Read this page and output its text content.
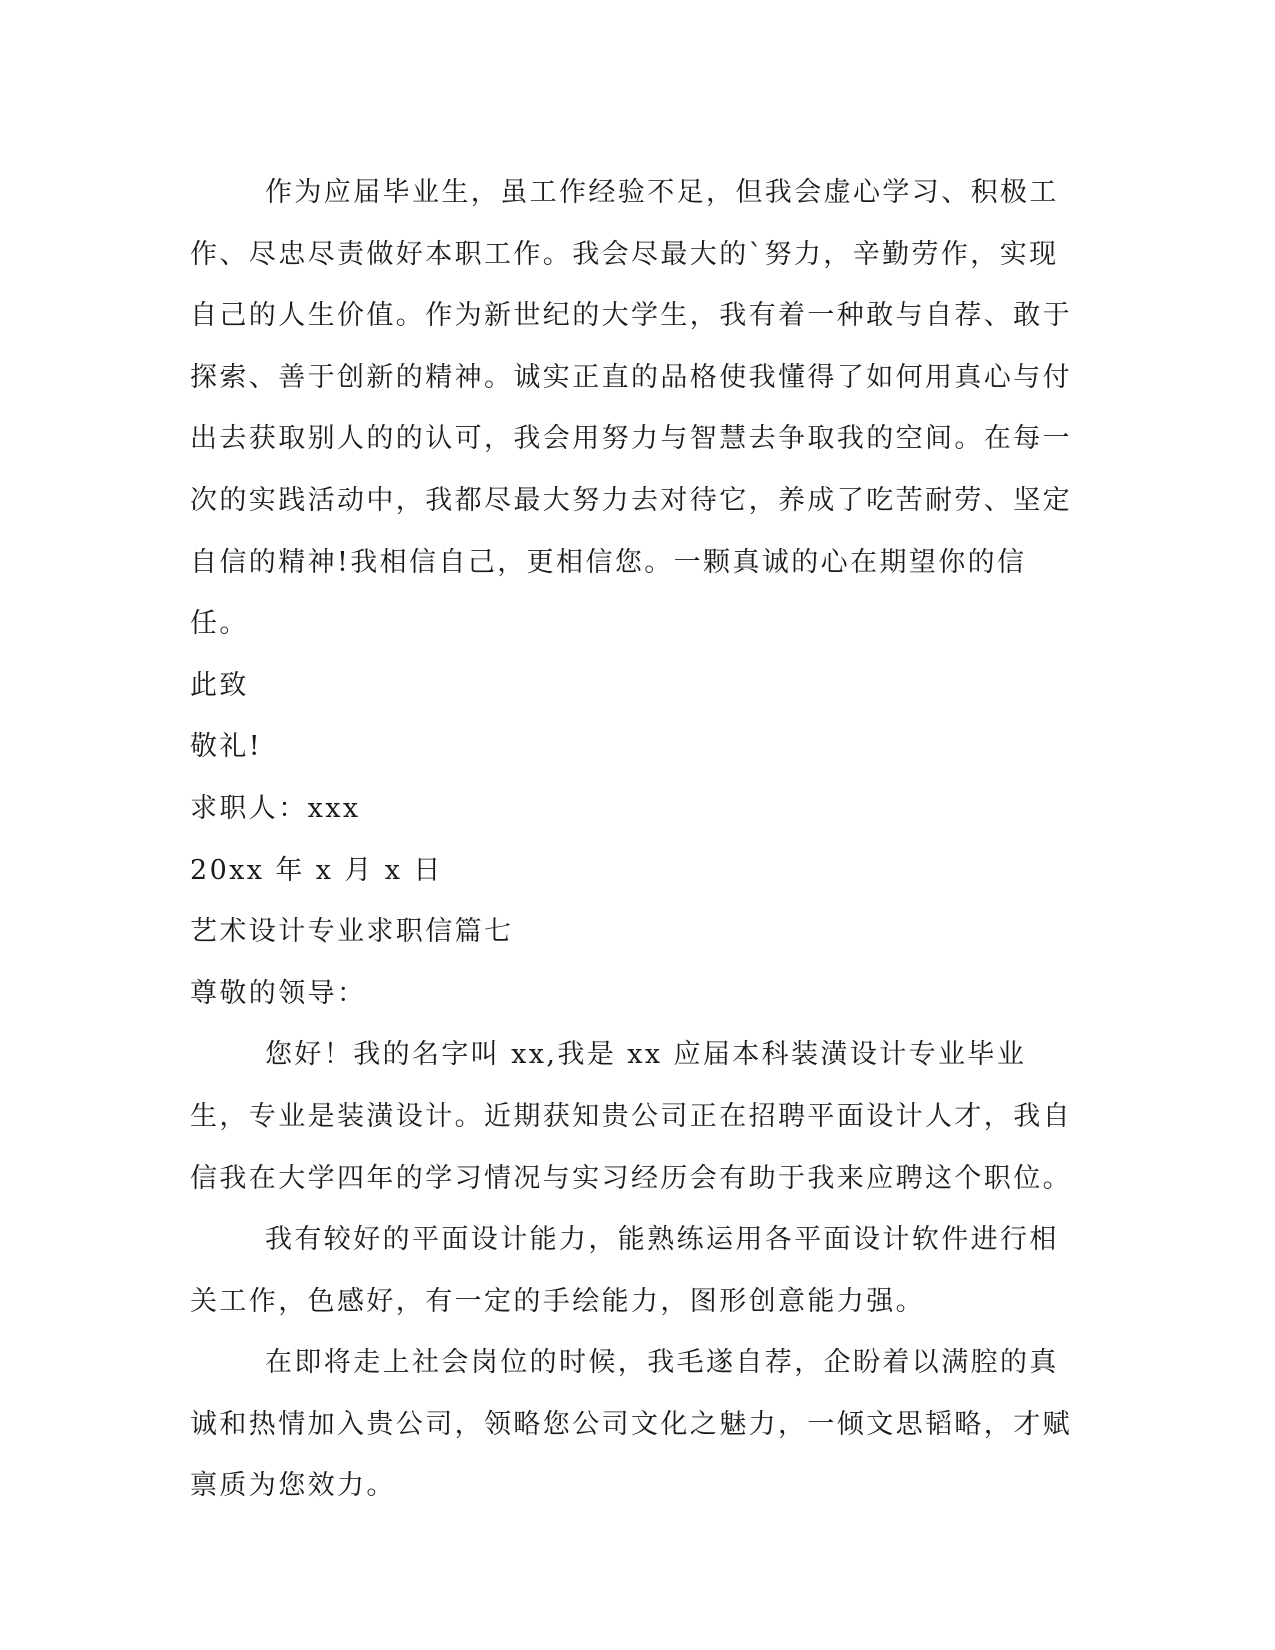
作为应届毕业生，虽工作经验不足，但我会虚心学习、积极工作、尽忠尽责做好本职工作。我会尽最大的`努力，辛勤劳作，实现自己的人生价值。作为新世纪的大学生，我有着一种敢与自荐、敢于探索、善于创新的精神。诚实正直的品格使我懂得了如何用真心与付出去获取别人的的认可，我会用努力与智慧去争取我的空间。在每一次的实践活动中，我都尽最大努力去对待它，养成了吃苦耐劳、坚定自信的精神!我相信自己，更相信您。一颗真诚的心在期望你的信任。

此致

敬礼!

求职人：xxx

20xx 年 x 月 x 日

艺术设计专业求职信篇七

尊敬的领导：

您好！我的名字叫 xx,我是 xx 应届本科装潢设计专业毕业生，专业是装潢设计。近期获知贵公司正在招聘平面设计人才，我自信我在大学四年的学习情况与实习经历会有助于我来应聘这个职位。

我有较好的平面设计能力，能熟练运用各平面设计软件进行相关工作，色感好，有一定的手绘能力，图形创意能力强。

在即将走上社会岗位的时候，我毛遂自荐，企盼着以满腔的真诚和热情加入贵公司，领略您公司文化之魅力，一倾文思韬略，才赋禀质为您效力。
